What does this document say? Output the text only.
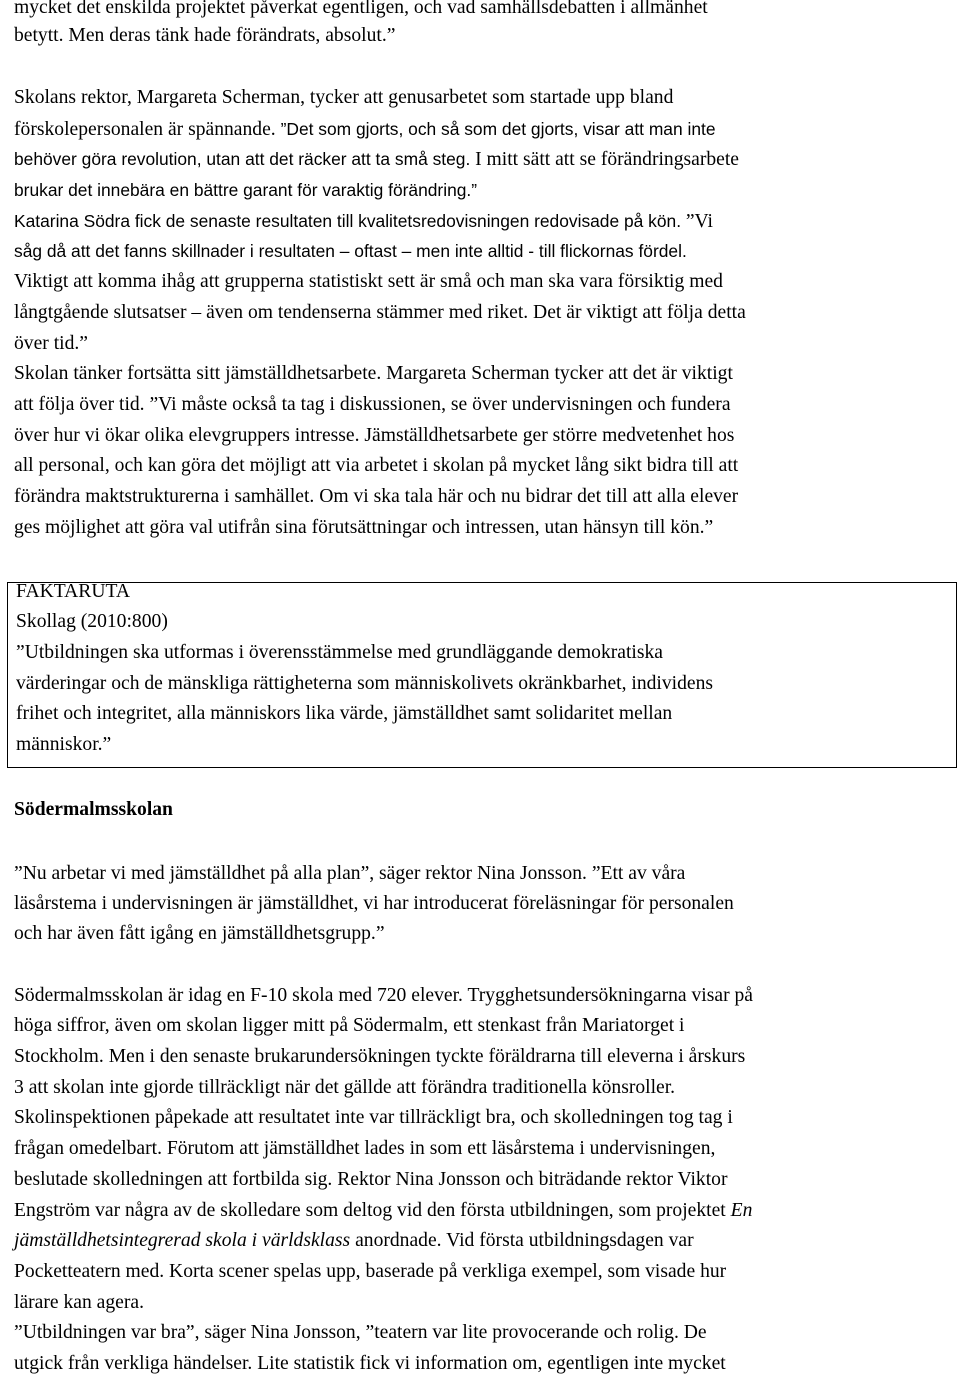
mycket det enskilda projektet påverkat egentligen, och vad samhällsdebatten i allmänhet
betytt. Men deras tänk hade förändrats, absolut.”
Skolans rektor, Margareta Scherman, tycker att genusarbetet som startade upp bland
förskolepersonalen är spännande. ”Det som gjorts, och så som det gjorts, visar att man inte
behöver göra revolution, utan att det räcker att ta små steg. I mitt sätt att se förändringsarbete
brukar det innebära en bättre garant för varaktig förändring.”
Katarina Södra fick de senaste resultaten till kvalitetsredovisningen redovisade på kön. ”Vi
såg då att det fanns skillnader i resultaten – oftast – men inte alltid - till flickornas fördel.
Viktigt att komma ihåg att grupperna statistiskt sett är små och man ska vara försiktig med
långtgående slutsatser – även om tendenserna stämmer med riket. Det är viktigt att följa detta
över tid.”
Skolan tänker fortsätta sitt jämställdhetsarbete. Margareta Scherman tycker att det är viktigt
att följa över tid. ”Vi måste också ta tag i diskussionen, se över undervisningen och fundera
över hur vi ökar olika elevgruppers intresse. Jämställdhetsarbete ger större medvetenhet hos
all personal, och kan göra det möjligt att via arbetet i skolan på mycket lång sikt bidra till att
förändra maktstrukturerna i samhället. Om vi ska tala här och nu bidrar det till att alla elever
ges möjlighet att göra val utifrån sina förutsättningar och intressen, utan hänsyn till kön.”
FAKTARUTA
Skollag (2010:800)
”Utbildningen ska utformas i överensstämmelse med grundläggande demokratiska
värderingar och de mänskliga rättigheterna som människolivets okränkbarhet, individens
frihet och integritet, alla människors lika värde, jämställdhet samt solidaritet mellan
människor.”
Södermalmsskolan
”Nu arbetar vi med jämställdhet på alla plan”, säger rektor Nina Jonsson. ”Ett av våra
läsårstema i undervisningen är jämställdhet, vi har introducerat föreläsningar för personalen
och har även fått igång en jämställdhetsgrupp.”
Södermalmsskolan är idag en F-10 skola med 720 elever. Trygghetsundersökningarna visar på
höga siffror, även om skolan ligger mitt på Södermalm, ett stenkast från Mariatorget i
Stockholm. Men i den senaste brukarundersökningen tyckte föräldrarna till eleverna i årskurs
3 att skolan inte gjorde tillräckligt när det gällde att förändra traditionella könsroller.
Skolinspektionen påpekade att resultatet inte var tillräckligt bra, och skolledningen tog tag i
frågan omedelbart. Förutom att jämställdhet lades in som ett läsårstema i undervisningen,
beslutade skolledningen att fortbilda sig. Rektor Nina Jonsson och biträdande rektor Viktor
Engström var några av de skolledare som deltog vid den första utbildningen, som projektet En
jämställdhetsintegrerad skola i världsklass anordnade. Vid första utbildningsdagen var
Pocketteatern med. Korta scener spelas upp, baserade på verkliga exempel, som visade hur
lärare kan agera.
”Utbildningen var bra”, säger Nina Jonsson, ”teatern var lite provocerande och rolig. De
utgick från verkliga händelser. Lite statistik fick vi information om, egentligen inte mycket
